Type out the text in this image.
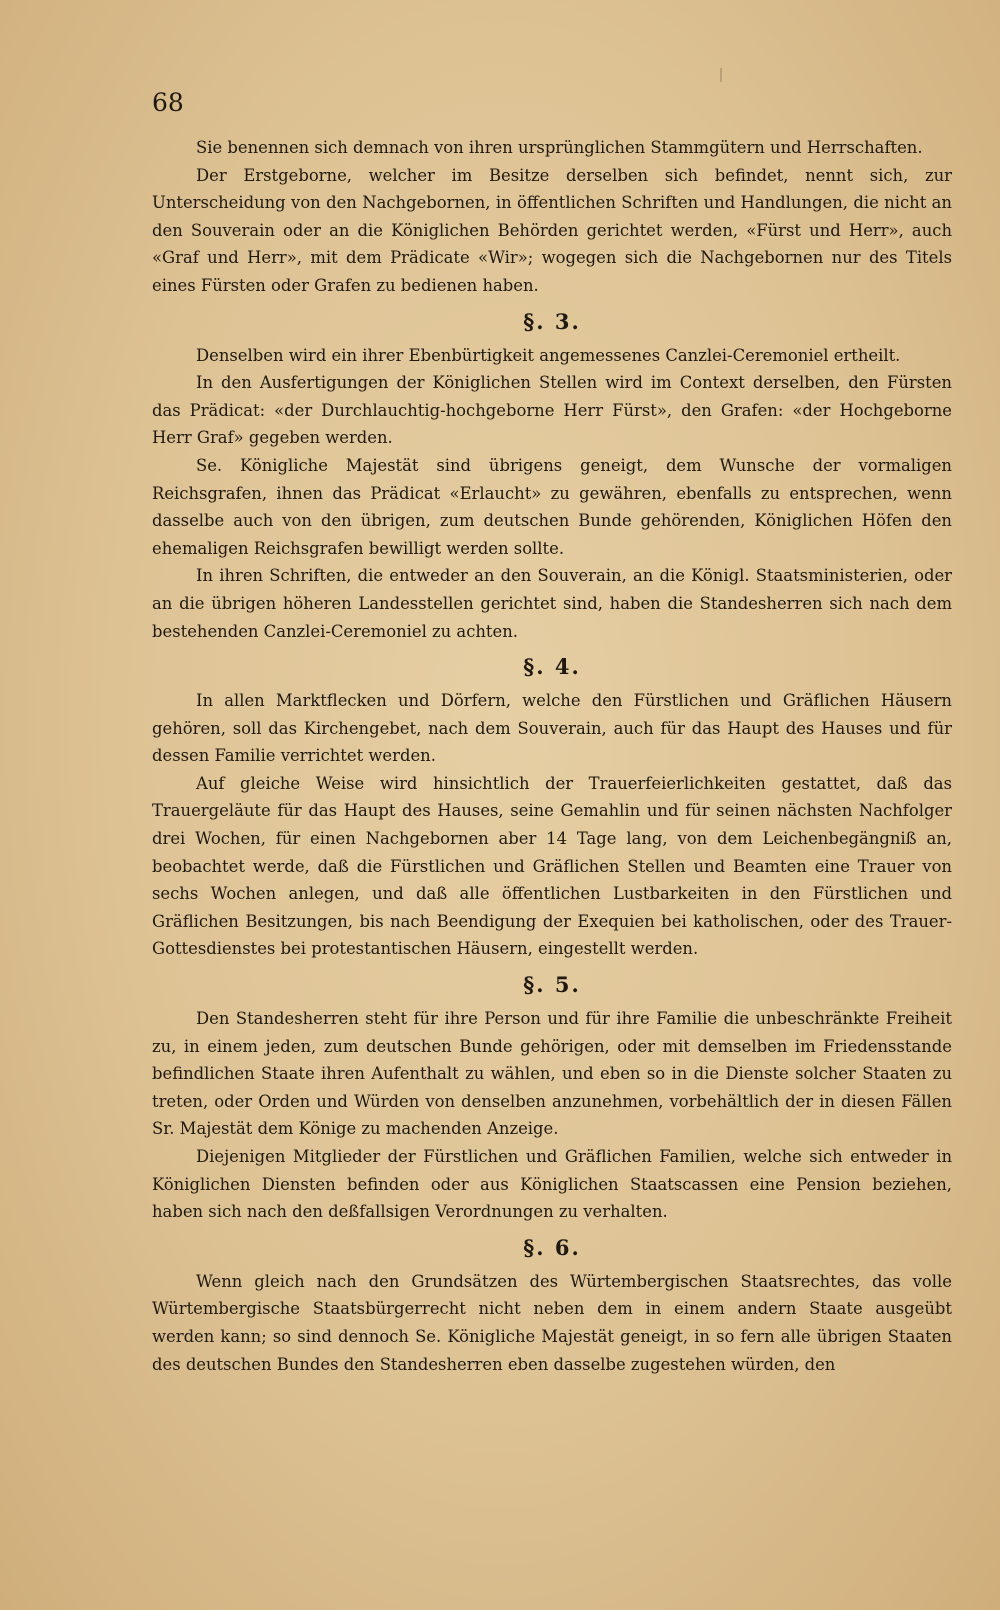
68

Sie benennen sich demnach von ihren ursprünglichen Stammgütern und Herrschaften.

Der Erstgeborne, welcher im Besitze derselben sich befindet, nennt sich, zur Unterscheidung von den Nachgebornen, in öffentlichen Schriften und Handlungen, die nicht an den Souverain oder an die Königlichen Behörden gerichtet werden, «Fürst und Herr», auch «Graf und Herr», mit dem Prädicate «Wir»; wogegen sich die Nachgebornen nur des Titels eines Fürsten oder Grafen zu bedienen haben.

§. 3.

Denselben wird ein ihrer Ebenbürtigkeit angemessenes Canzlei-Ceremoniel ertheilt.

In den Ausfertigungen der Königlichen Stellen wird im Context derselben, den Fürsten das Prädicat: «der Durchlauchtig-hochgeborne Herr Fürst», den Grafen: «der Hochgeborne Herr Graf» gegeben werden.

Se. Königliche Majestät sind übrigens geneigt, dem Wunsche der vormaligen Reichsgrafen, ihnen das Prädicat «Erlaucht» zu gewähren, ebenfalls zu entsprechen, wenn dasselbe auch von den übrigen, zum deutschen Bunde gehörenden, Königlichen Höfen den ehemaligen Reichsgrafen bewilligt werden sollte.

In ihren Schriften, die entweder an den Souverain, an die Königl. Staatsministerien, oder an die übrigen höheren Landesstellen gerichtet sind, haben die Standesherren sich nach dem bestehenden Canzlei-Ceremoniel zu achten.

§. 4.

In allen Marktflecken und Dörfern, welche den Fürstlichen und Gräflichen Häusern gehören, soll das Kirchengebet, nach dem Souverain, auch für das Haupt des Hauses und für dessen Familie verrichtet werden.

Auf gleiche Weise wird hinsichtlich der Trauerfeierlichkeiten gestattet, daß das Trauergeläute für das Haupt des Hauses, seine Gemahlin und für seinen nächsten Nachfolger drei Wochen, für einen Nachgebornen aber 14 Tage lang, von dem Leichenbegängniß an, beobachtet werde, daß die Fürstlichen und Gräflichen Stellen und Beamten eine Trauer von sechs Wochen anlegen, und daß alle öffentlichen Lustbarkeiten in den Fürstlichen und Gräflichen Besitzungen, bis nach Beendigung der Exequien bei katholischen, oder des Trauer-Gottesdienstes bei protestantischen Häusern, eingestellt werden.

§. 5.

Den Standesherren steht für ihre Person und für ihre Familie die unbeschränkte Freiheit zu, in einem jeden, zum deutschen Bunde gehörigen, oder mit demselben im Friedensstande befindlichen Staate ihren Aufenthalt zu wählen, und eben so in die Dienste solcher Staaten zu treten, oder Orden und Würden von denselben anzunehmen, vorbehältlich der in diesen Fällen Sr. Majestät dem Könige zu machenden Anzeige.

Diejenigen Mitglieder der Fürstlichen und Gräflichen Familien, welche sich entweder in Königlichen Diensten befinden oder aus Königlichen Staatscassen eine Pension beziehen, haben sich nach den deßfallsigen Verordnungen zu verhalten.

§. 6.

Wenn gleich nach den Grundsätzen des Würtembergischen Staatsrechtes, das volle Würtembergische Staatsbürgerrecht nicht neben dem in einem andern Staate ausgeübt werden kann; so sind dennoch Se. Königliche Majestät geneigt, in so fern alle übrigen Staaten des deutschen Bundes den Standesherren eben dasselbe zugestehen würden, den
